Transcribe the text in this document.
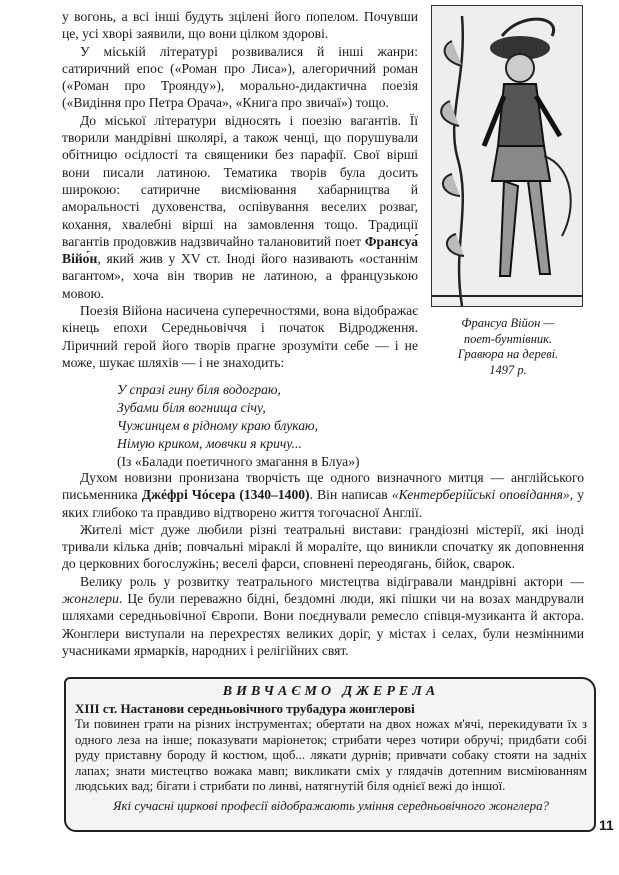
у вогонь, а всі інші будуть зцілені його попелом. Почувши це, усі хворі заявили, що вони цілком здорові.

У міській літературі розвивалися й інші жанри: сатиричний епос («Роман про Лиса»), алегоричний роман («Роман про Троянду»), морально-дидактична поезія («Видіння про Петра Орача», «Книга про звичаї») тощо.

До міської літератури відносять і поезію вагантів. Її творили мандрівні школярі, а також ченці, що порушували обітницю осідлості та священики без парафії. Свої вірші вони писали латиною. Тематика творів була досить широкою: сатиричне висміювання хабарництва й аморальності духовенства, оспівування веселих розваг, кохання, хвалебні вірші на замовлення тощо. Традиції вагантів продовжив надзвичайно талановитий поет Франсуа́ Війо́н, який жив у XV ст. Іноді його називають «останнім вагантом», хоча він творив не латиною, а французькою мовою.

Поезія Війона насичена суперечностями, вона відображає кінець епохи Середньовіччя і початок Відродження. Ліричний герой його творів прагне зрозуміти себе — і не може, шукає шляхів — і не знаходить:

Франсуа Війон —
поет-бунтівник.
Гравюра на дереві.
1497 р.
У спразі гину біля водограю,
Зубами біля вогнища січу,
Чужинцем в рідному краю блукаю,
Німую криком, мовчки я кричу...
(Із «Балади поетичного змагання в Блуа»)

Духом новизни пронизана творчість ще одного визначного митця — англійського письменника Джéфрі Чóсера (1340–1400). Він написав «Кентерберійські оповідання», у яких глибоко та правдиво відтворено життя тогочасної Англії.

Жителі міст дуже любили різні театральні вистави: грандіозні містерії, які іноді тривали кілька днів; повчальні міраклі й мораліте, що виникли спочатку як доповнення до церковних богослужінь; веселі фарси, сповнені переодягань, бійок, сварок.

Велику роль у розвитку театрального мистецтва відігравали мандрівні актори — жонглери. Це були переважно бідні, бездомні люди, які пішки чи на возах мандрували шляхами середньовічної Європи. Вони поєднували ремесло співця-музиканта й актора. Жонглери виступали на перехрестях великих доріг, у містах і селах, були незмінними учасниками ярмарків, народних і релігійних свят.

ВИВЧАЄМО ДЖЕРЕЛА
XIII ст. Настанови середньовічного трубадура жонглерові
Ти повинен грати на різних інструментах; обертати на двох ножах м'ячі, перекидувати їх з одного леза на інше; показувати маріонеток; стрибати через чотири обручі; придбати собі руду приставну бороду й костюм, щоб... лякати дурнів; привчати собаку стояти на задніх лапах; знати мистецтво вожака мавп; викликати сміх у глядачів дотепним висміюванням людських вад; бігати і стрибати по линві, натягнутій біля однієї вежі до іншої.
Які сучасні циркові професії відображають уміння середньовічного жонглера?
11
